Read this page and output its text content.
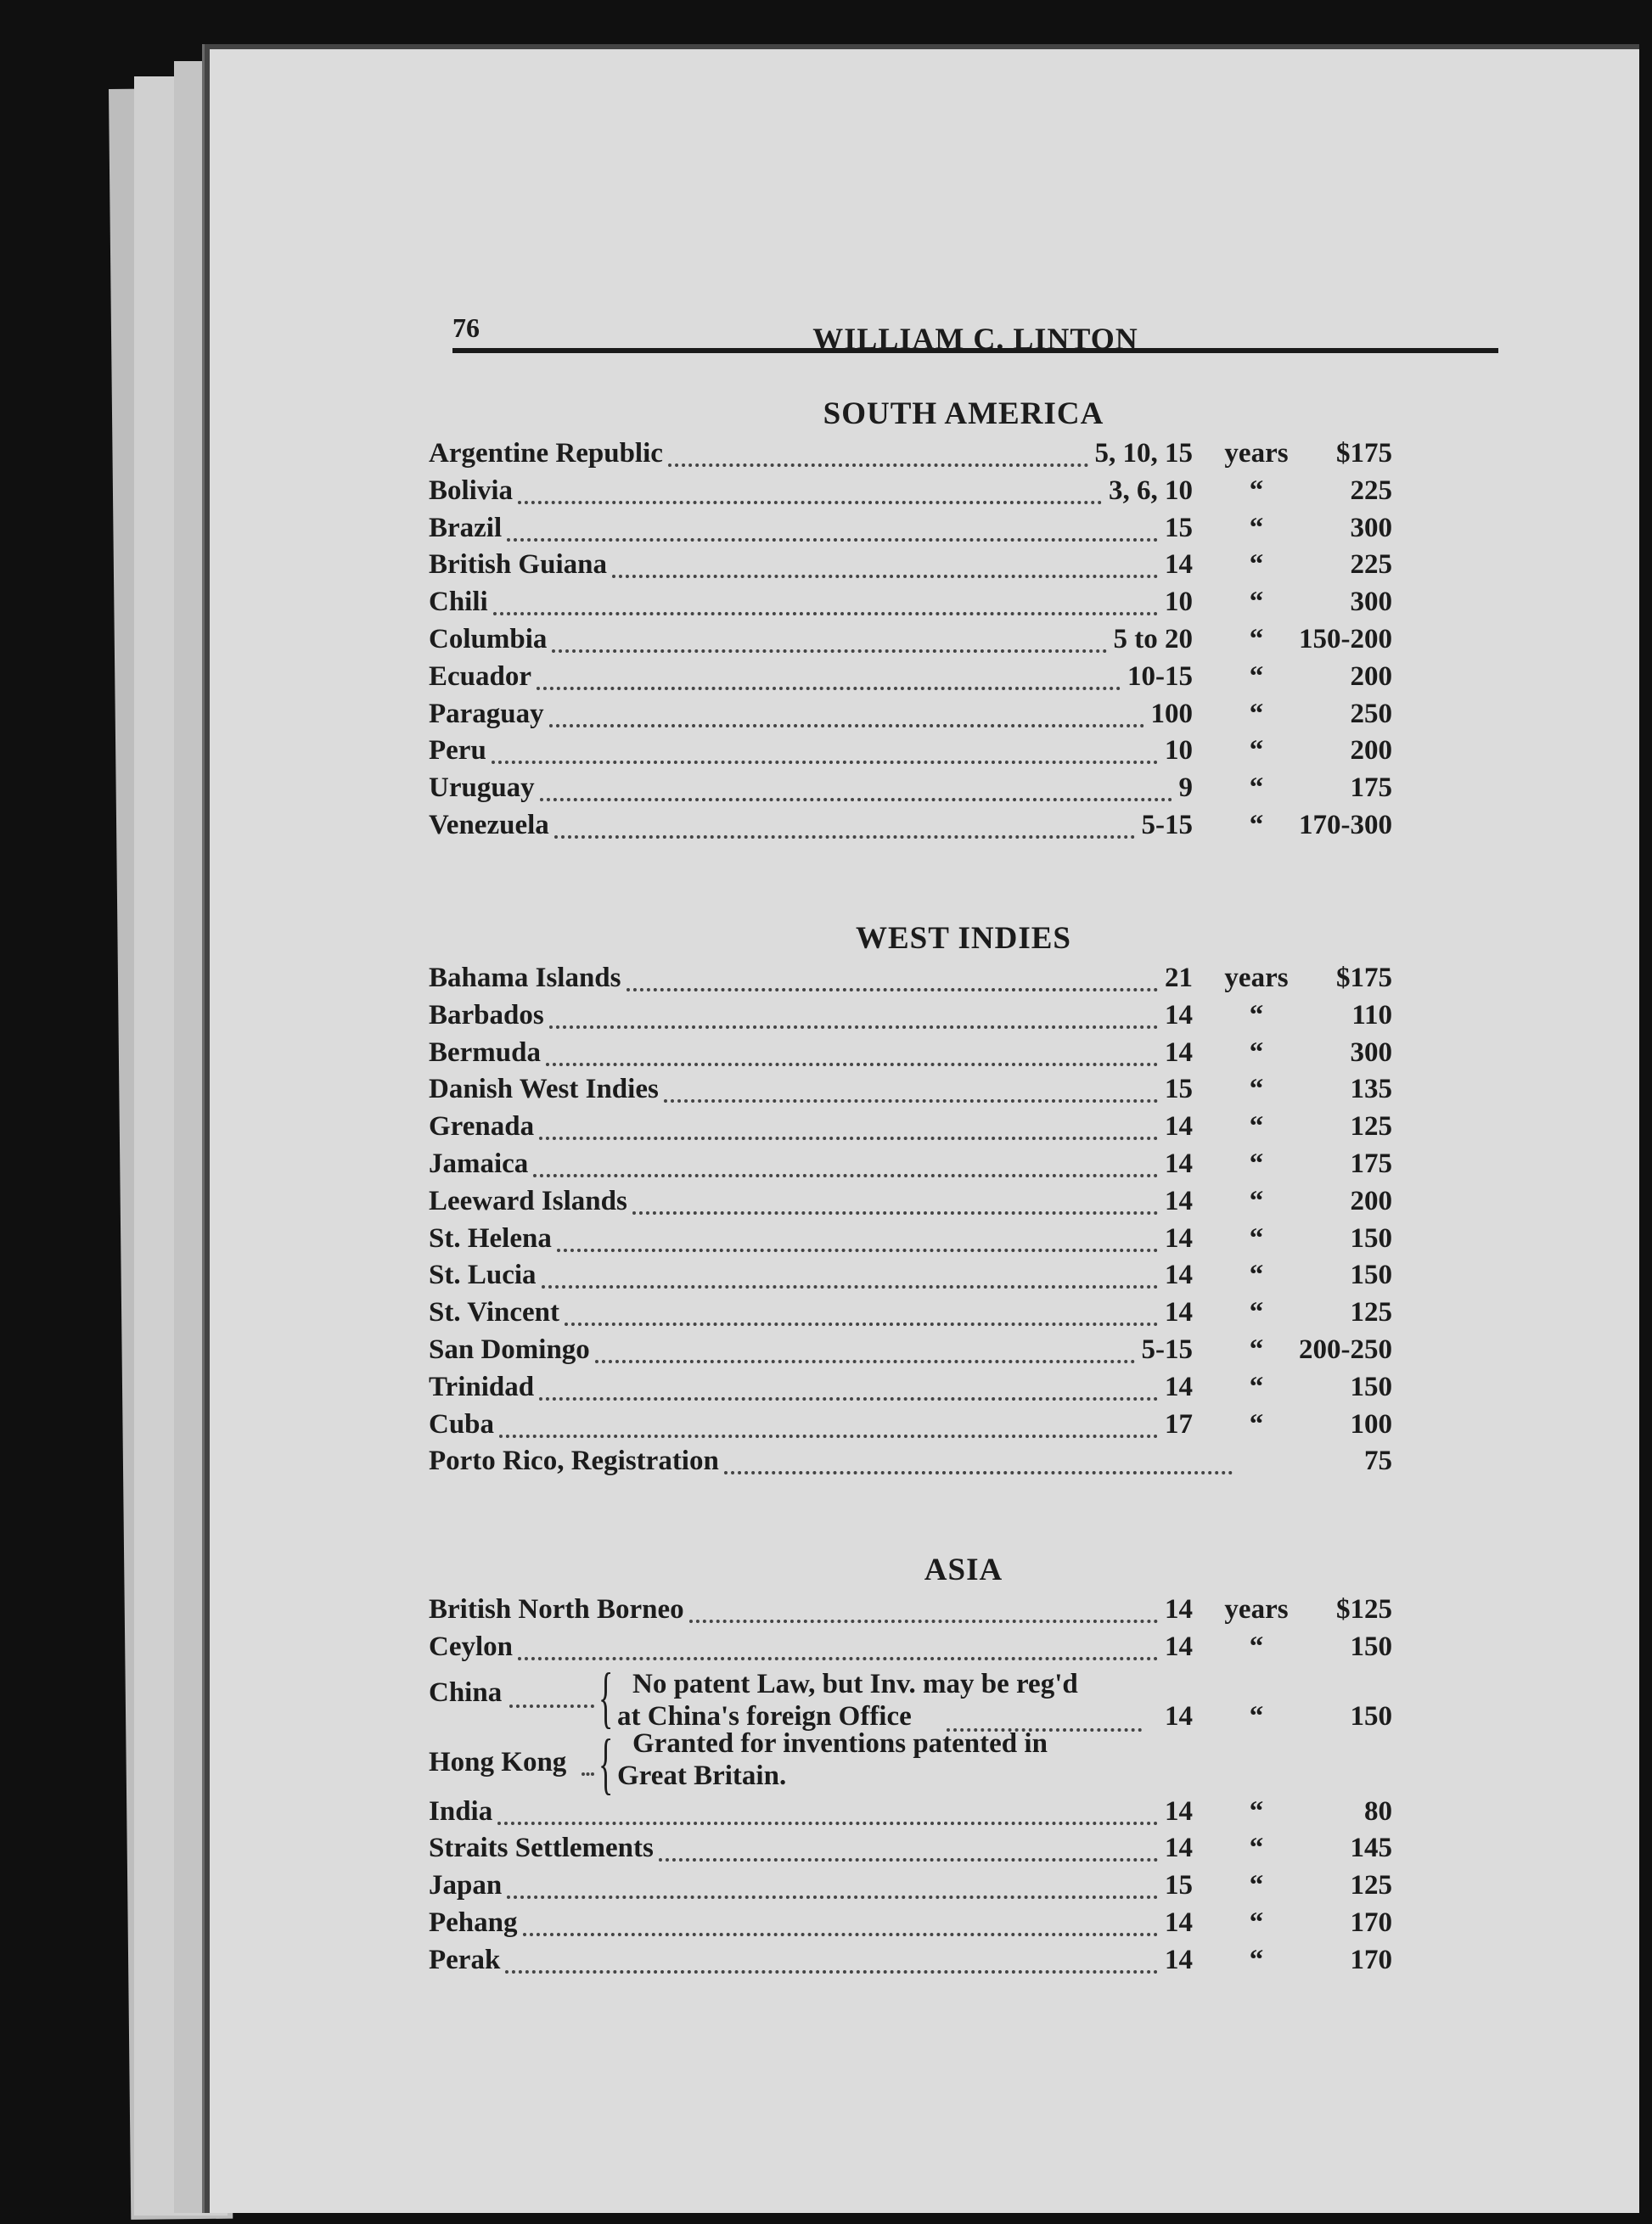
76	WILLIAM C. LINTON
SOUTH AMERICA
Argentine Republic	5, 10, 15 years $175
Bolivia	3, 6, 10	“	225
Brazil	15	“	300
British Guiana	14	“	225
Chili	10	“	300
Columbia	5 to 20	“	150-200
Ecuador	10-15	“	200
Paraguay	100	“	250
Peru	10	“	200
Uruguay	9	“	175
Venezuela	5-15	“	170-300
WEST INDIES
Bahama Islands	21 years $175
Barbados	14	“	110
Bermuda	14	“	300
Danish West Indies	15	“	135
Grenada	14	“	125
Jamaica	14	“	175
Leeward Islands	14	“	200
St. Helena	14	“	150
St. Lucia	14	“	150
St. Vincent	14	“	125
San Domingo	5-15	“	200-250
Trinidad	14	“	150
Cuba	17	“	100
Porto Rico, Registration	75
ASIA
British North Borneo	14 years $125
Ceylon	14	“	150
China { No patent Law, but Inv. may be reg'd
at China's foreign Office	14	“	150
Hong Kong { Granted for inventions patented in
Great Britain.
India	14	“	80
Straits Settlements	14	“	145
Japan	15	“	125
Pehang	14	“	170
Perak	14	“	170
